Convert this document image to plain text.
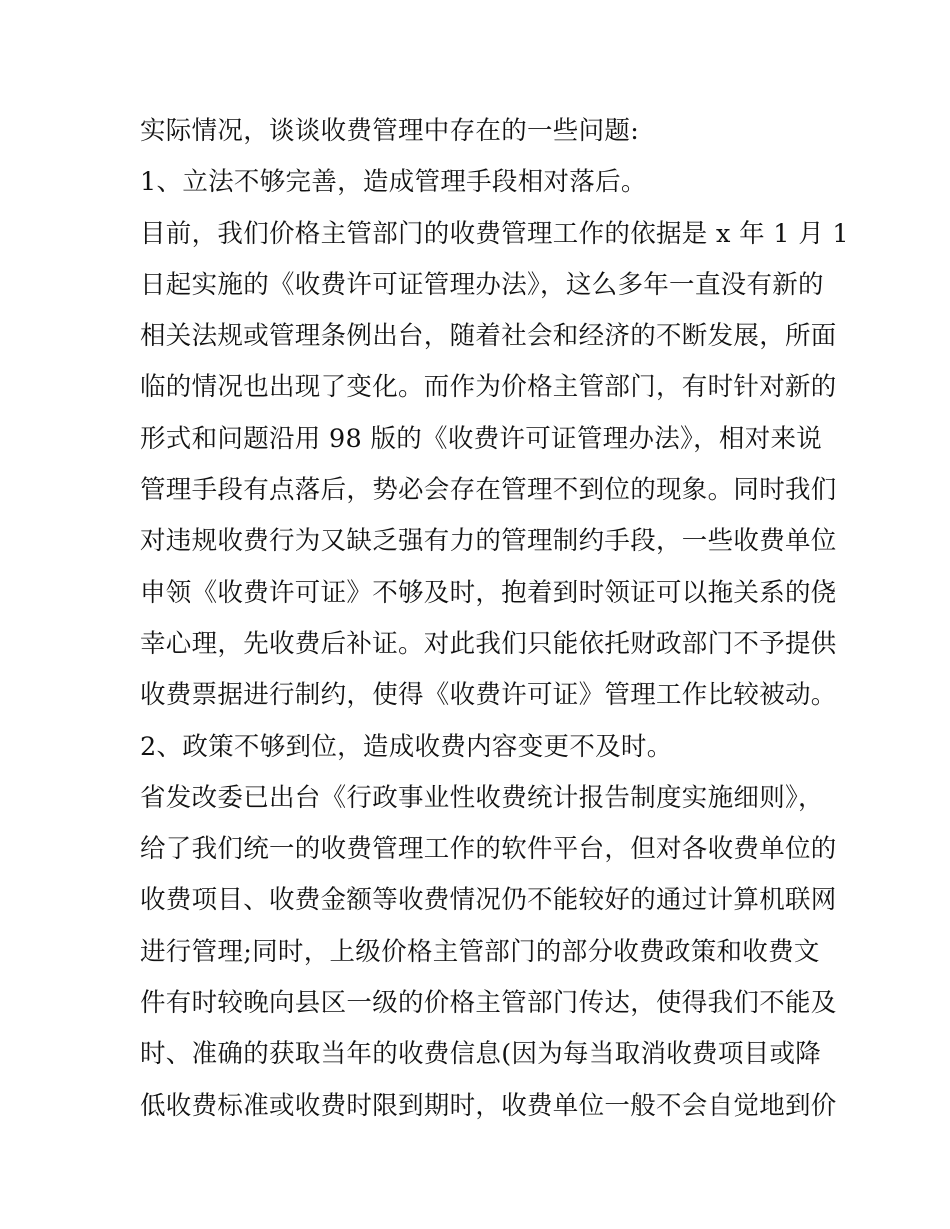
实际情况，谈谈收费管理中存在的一些问题:
1、立法不够完善，造成管理手段相对落后。
目前，我们价格主管部门的收费管理工作的依据是 x 年 1 月 1
日起实施的《收费许可证管理办法》，这么多年一直没有新的
相关法规或管理条例出台，随着社会和经济的不断发展，所面
临的情况也出现了变化。而作为价格主管部门，有时针对新的
形式和问题沿用 98 版的《收费许可证管理办法》，相对来说
管理手段有点落后，势必会存在管理不到位的现象。同时我们
对违规收费行为又缺乏强有力的管理制约手段，一些收费单位
申领《收费许可证》不够及时，抱着到时领证可以拖关系的侥
幸心理，先收费后补证。对此我们只能依托财政部门不予提供
收费票据进行制约，使得《收费许可证》管理工作比较被动。
2、政策不够到位，造成收费内容变更不及时。
省发改委已出台《行政事业性收费统计报告制度实施细则》，
给了我们统一的收费管理工作的软件平台，但对各收费单位的
收费项目、收费金额等收费情况仍不能较好的通过计算机联网
进行管理;同时，上级价格主管部门的部分收费政策和收费文
件有时较晚向县区一级的价格主管部门传达，使得我们不能及
时、准确的获取当年的收费信息(因为每当取消收费项目或降
低收费标准或收费时限到期时，收费单位一般不会自觉地到价
